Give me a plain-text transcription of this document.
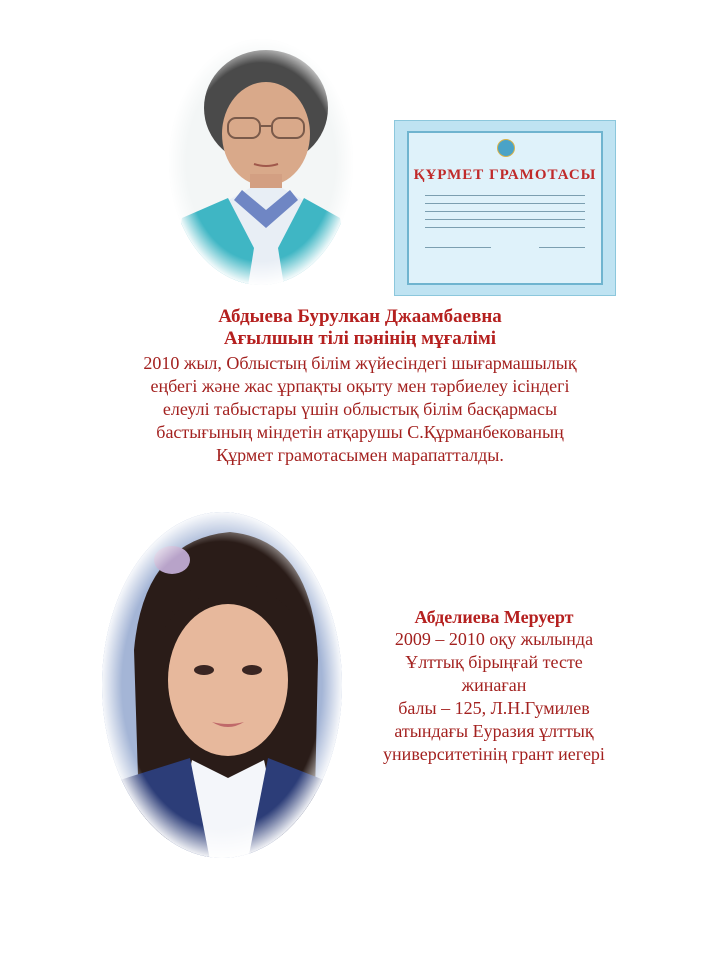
ҚҰРМЕТ ГРАМОТАСЫ

Абдыева Бурулкан Джаамбаевна

Ағылшын тілі пәнінің мұғалімі

2010 жыл, Облыстың білім жүйесіндегі шығармашылық
еңбегі және жас ұрпақты оқыту мен тәрбиелеу ісіндегі
елеулі табыстары үшін облыстық білім басқармасы
бастығының міндетін атқарушы С.Құрманбекованың
Құрмет грамотасымен марапатталды.

Абделиева Меруерт

2009 – 2010 оқу жылында
Ұлттық бірыңғай тесте
жинаған
балы – 125, Л.Н.Гумилев
атындағы Еуразия ұлттық
университетінің грант иегері
